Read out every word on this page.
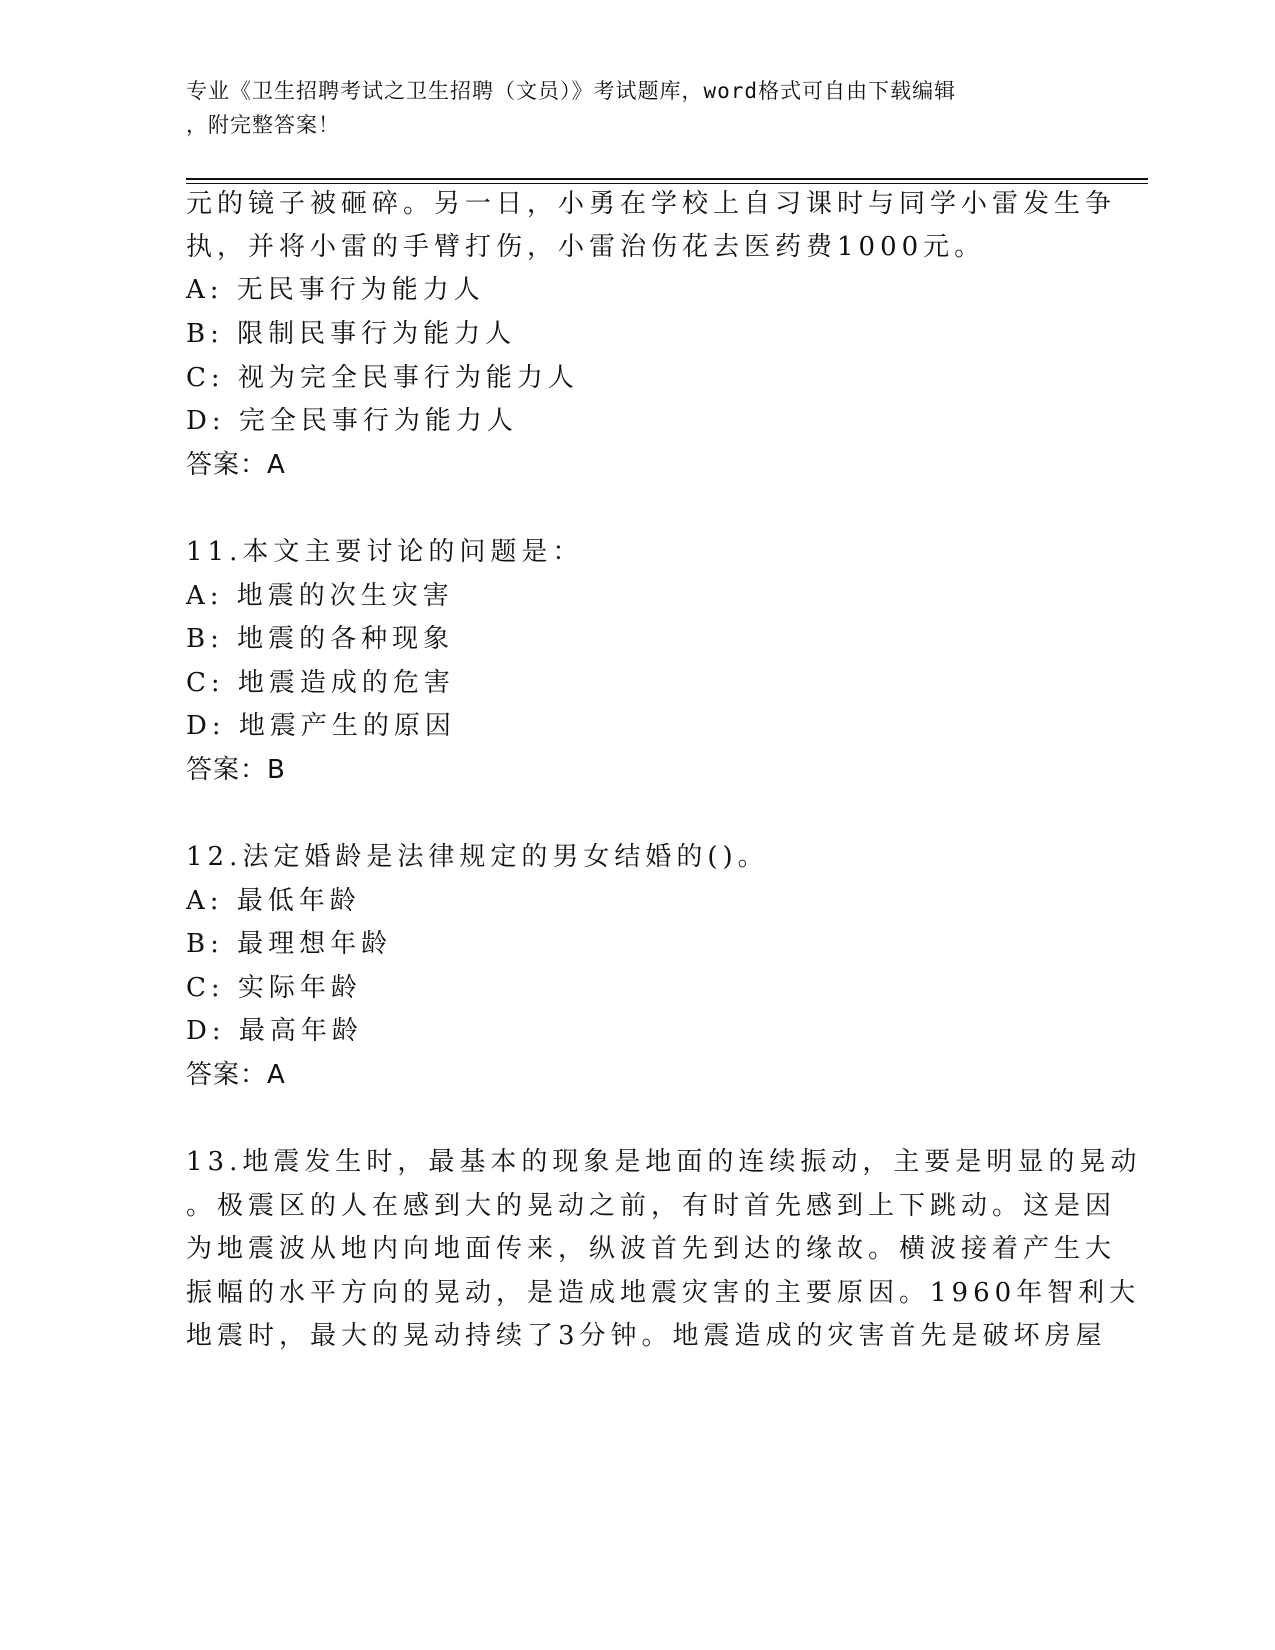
专业《卫生招聘考试之卫生招聘（文员）》考试题库，word格式可自由下载编辑
，附完整答案！
元的镜子被砸碎。另一日，小勇在学校上自习课时与同学小雷发生争
执，并将小雷的手臂打伤，小雷治伤花去医药费1000元。
A: 无民事行为能力人
B: 限制民事行为能力人
C: 视为完全民事行为能力人
D: 完全民事行为能力人
答案：A
11.本文主要讨论的问题是：
A: 地震的次生灾害
B: 地震的各种现象
C: 地震造成的危害
D: 地震产生的原因
答案：B
12.法定婚龄是法律规定的男女结婚的()。
A: 最低年龄
B: 最理想年龄
C: 实际年龄
D: 最高年龄
答案：A
13.地震发生时，最基本的现象是地面的连续振动，主要是明显的晃动
。极震区的人在感到大的晃动之前，有时首先感到上下跳动。这是因
为地震波从地内向地面传来，纵波首先到达的缘故。横波接着产生大
振幅的水平方向的晃动，是造成地震灾害的主要原因。1960年智利大
地震时，最大的晃动持续了3分钟。地震造成的灾害首先是破坏房屋
